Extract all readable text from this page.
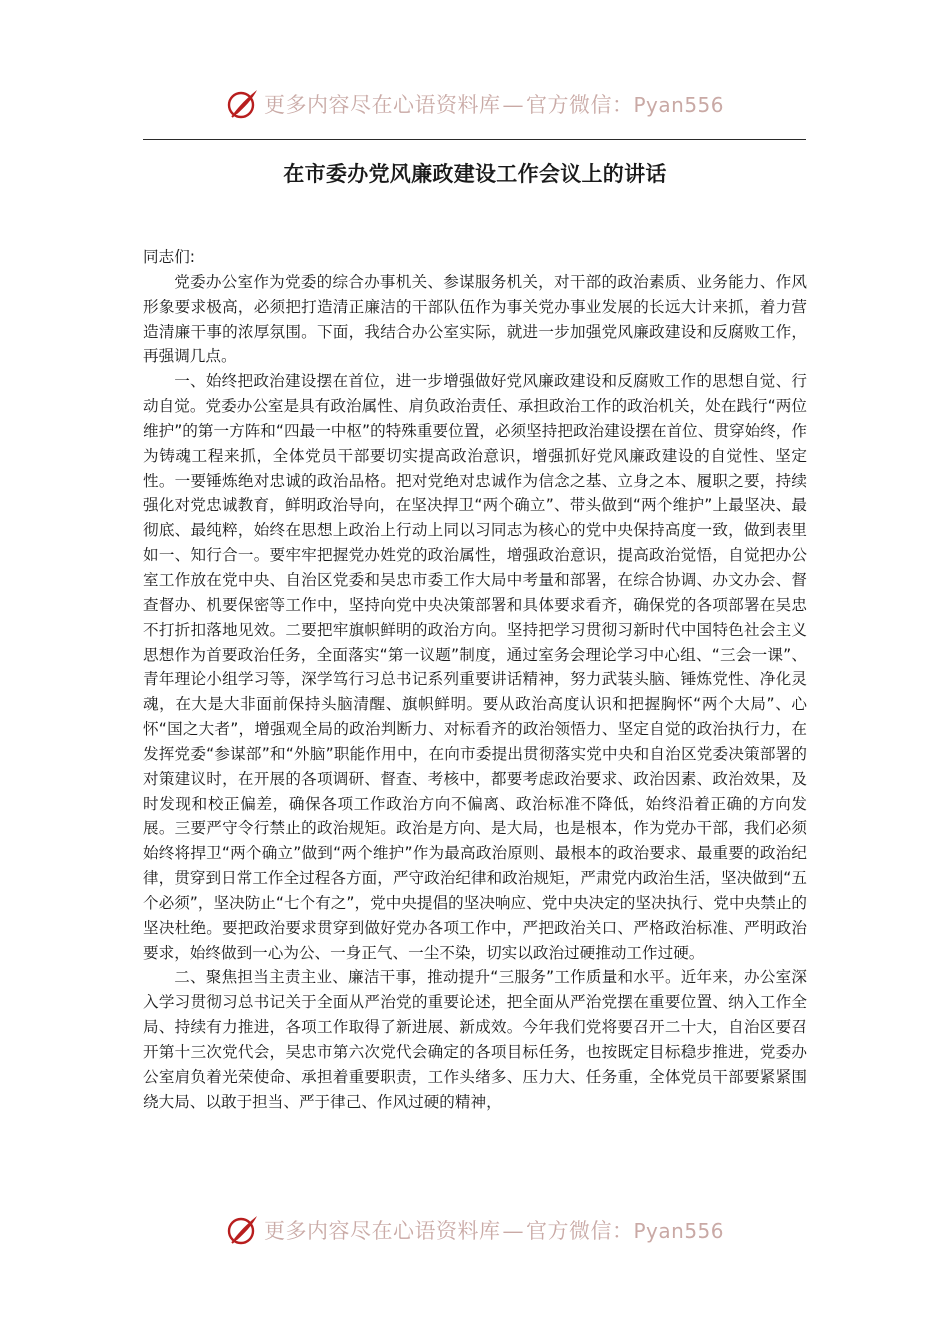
更多内容尽在心语资料库—官方微信：Pyan556
在市委办党风廉政建设工作会议上的讲话

同志们:

党委办公室作为党委的综合办事机关、参谋服务机关，对干部的政治素质、业务能力、作风形象要求极高，必须把打造清正廉洁的干部队伍作为事关党办事业发展的长远大计来抓，着力营造清廉干事的浓厚氛围。下面，我结合办公室实际，就进一步加强党风廉政建设和反腐败工作，再强调几点。

一、始终把政治建设摆在首位，进一步增强做好党风廉政建设和反腐败工作的思想自觉、行动自觉。党委办公室是具有政治属性、肩负政治责任、承担政治工作的政治机关，处在践行“两位维护”的第一方阵和“四最一中枢”的特殊重要位置，必须坚持把政治建设摆在首位、贯穿始终，作为铸魂工程来抓，全体党员干部要切实提高政治意识，增强抓好党风廉政建设的自觉性、坚定性。一要锤炼绝对忠诚的政治品格。把对党绝对忠诚作为信念之基、立身之本、履职之要，持续强化对党忠诚教育，鲜明政治导向，在坚决捍卫“两个确立”、带头做到“两个维护”上最坚决、最彻底、最纯粹，始终在思想上政治上行动上同以习同志为核心的党中央保持高度一致，做到表里如一、知行合一。要牢牢把握党办姓党的政治属性，增强政治意识，提高政治觉悟，自觉把办公室工作放在党中央、自治区党委和吴忠市委工作大局中考量和部署，在综合协调、办文办会、督查督办、机要保密等工作中，坚持向党中央决策部署和具体要求看齐，确保党的各项部署在吴忠不打折扣落地见效。二要把牢旗帜鲜明的政治方向。坚持把学习贯彻习新时代中国特色社会主义思想作为首要政治任务，全面落实“第一议题”制度，通过室务会理论学习中心组、“三会一课”、青年理论小组学习等，深学笃行习总书记系列重要讲话精神，努力武装头脑、锤炼党性、净化灵魂，在大是大非面前保持头脑清醒、旗帜鲜明。要从政治高度认识和把握胸怀“两个大局”、心怀“国之大者”，增强观全局的政治判断力、对标看齐的政治领悟力、坚定自觉的政治执行力，在发挥党委“参谋部”和“外脑”职能作用中，在向市委提出贯彻落实党中央和自治区党委决策部署的对策建议时，在开展的各项调研、督查、考核中，都要考虑政治要求、政治因素、政治效果，及时发现和校正偏差，确保各项工作政治方向不偏离、政治标准不降低，始终沿着正确的方向发展。三要严守令行禁止的政治规矩。政治是方向、是大局，也是根本，作为党办干部，我们必须始终将捍卫“两个确立”做到“两个维护”作为最高政治原则、最根本的政治要求、最重要的政治纪律，贯穿到日常工作全过程各方面，严守政治纪律和政治规矩，严肃党内政治生活，坚决做到“五个必须”，坚决防止“七个有之”，党中央提倡的坚决响应、党中央决定的坚决执行、党中央禁止的坚决杜绝。要把政治要求贯穿到做好党办各项工作中，严把政治关口、严格政治标准、严明政治要求，始终做到一心为公、一身正气、一尘不染，切实以政治过硬推动工作过硬。

二、聚焦担当主责主业、廉洁干事，推动提升“三服务”工作质量和水平。近年来，办公室深入学习贯彻习总书记关于全面从严治党的重要论述，把全面从严治党摆在重要位置、纳入工作全局、持续有力推进，各项工作取得了新进展、新成效。今年我们党将要召开二十大，自治区要召开第十三次党代会，吴忠市第六次党代会确定的各项目标任务，也按既定目标稳步推进，党委办公室肩负着光荣使命、承担着重要职责，工作头绪多、压力大、任务重，全体党员干部要紧紧围绕大局、以敢于担当、严于律己、作风过硬的精神，

更多内容尽在心语资料库—官方微信：Pyan556
